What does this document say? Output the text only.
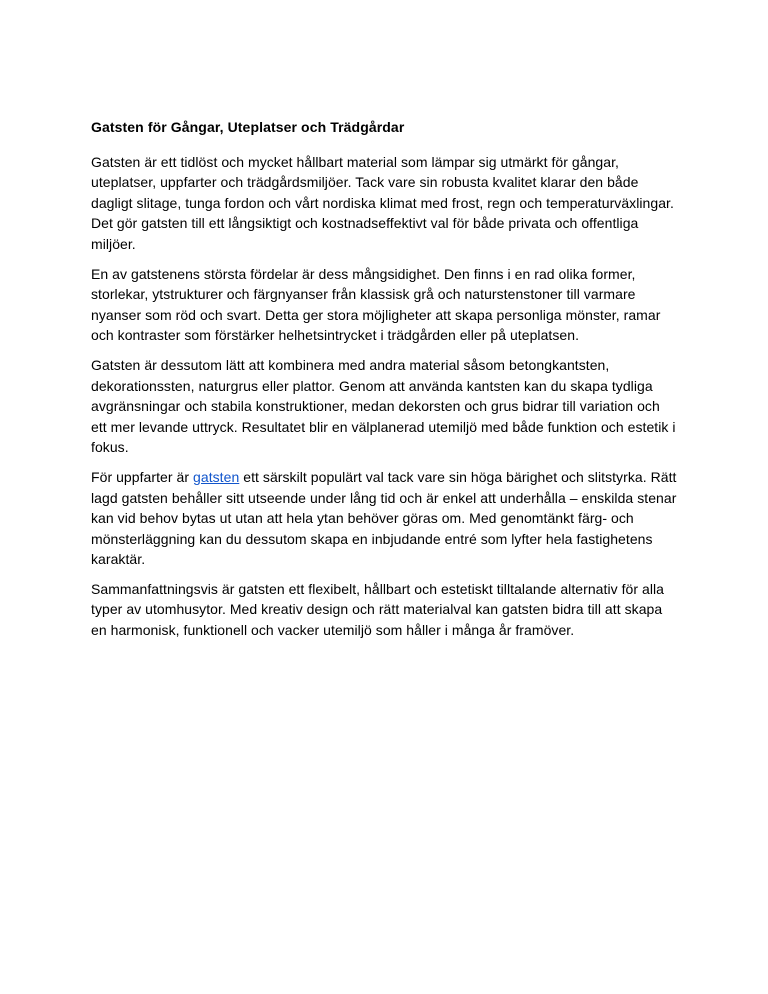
Gatsten för Gångar, Uteplatser och Trädgårdar

Gatsten är ett tidlöst och mycket hållbart material som lämpar sig utmärkt för gångar, uteplatser, uppfarter och trädgårdsmiljöer. Tack vare sin robusta kvalitet klarar den både dagligt slitage, tunga fordon och vårt nordiska klimat med frost, regn och temperaturväxlingar. Det gör gatsten till ett långsiktigt och kostnadseffektivt val för både privata och offentliga miljöer.

En av gatstenens största fördelar är dess mångsidighet. Den finns i en rad olika former, storlekar, ytstrukturer och färgnyanser från klassisk grå och naturstenstoner till varmare nyanser som röd och svart. Detta ger stora möjligheter att skapa personliga mönster, ramar och kontraster som förstärker helhetsintrycket i trädgården eller på uteplatsen.

Gatsten är dessutom lätt att kombinera med andra material såsom betongkantsten, dekorationssten, naturgrus eller plattor. Genom att använda kantsten kan du skapa tydliga avgränsningar och stabila konstruktioner, medan dekorsten och grus bidrar till variation och ett mer levande uttryck. Resultatet blir en välplanerad utemiljö med både funktion och estetik i fokus.

För uppfarter är gatsten ett särskilt populärt val tack vare sin höga bärighet och slitstyrka. Rätt lagd gatsten behåller sitt utseende under lång tid och är enkel att underhålla – enskilda stenar kan vid behov bytas ut utan att hela ytan behöver göras om. Med genomtänkt färg- och mönsterläggning kan du dessutom skapa en inbjudande entré som lyfter hela fastighetens karaktär.

Sammanfattningsvis är gatsten ett flexibelt, hållbart och estetiskt tilltalande alternativ för alla typer av utomhusytor. Med kreativ design och rätt materialval kan gatsten bidra till att skapa en harmonisk, funktionell och vacker utemiljö som håller i många år framöver.
